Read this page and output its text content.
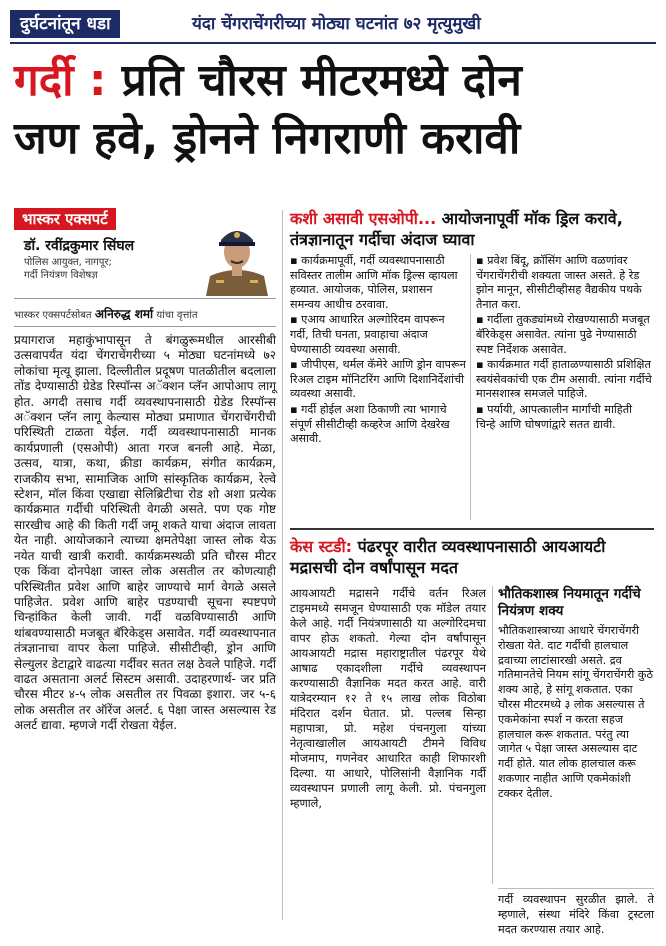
दुर्घटनांतून धडा	यंदा चेंगराचेंगरीच्या मोठ्या घटनांत ७२ मृत्युमुखी
गर्दी : प्रति चौरस मीटरमध्ये दोन
जण हवे, ड्रोनने निगराणी करावी
भास्कर एक्सपर्ट
डॉ. रवींद्रकुमार सिंघल
पोलिस आयुक्त, नागपूर;
गर्दी नियंत्रण विशेषज्ञ
भास्कर एक्सपर्टसोबत अनिरुद्ध शर्मा यांचा वृत्तांत

प्रयागराज महाकुंभापासून ते बंगळुरूमधील आरसीबी उत्सवापर्यंत यंदा चेंगराचेंगरीच्या ५ मोठ्या घटनांमध्ये ७२ लोकांचा मृत्यू झाला. दिल्लीतील प्रदूषण पातळीतील बदलाला तोंड देण्यासाठी ग्रेडेड रिस्पॉन्स अॅक्शन प्लॅन आपोआप लागू होत. अगदी तसाच गर्दी व्यवस्थापनासाठी ग्रेडेड रिस्पॉन्स अॅक्शन प्लॅन लागू केल्यास मोठ्या प्रमाणात चेंगराचेंगरीची परिस्थिती टाळता येईल. गर्दी व्यवस्थापनासाठी मानक कार्यप्रणाली (एसओपी) आता गरज बनली आहे. मेळा, उत्सव, यात्रा, कथा, क्रीडा कार्यक्रम, संगीत कार्यक्रम, राजकीय सभा, सामाजिक आणि सांस्कृतिक कार्यक्रम, रेल्वे स्टेशन, मॉल किंवा एखाद्या सेलिब्रिटीचा रोड शो अशा प्रत्येक कार्यक्रमात गर्दीची परिस्थिती वेगळी असते. पण एक गोष्ट सारखीच आहे की किती गर्दी जमू शकते याचा अंदाज लावता येत नाही. आयोजकाने त्याच्या क्षमतेपेक्षा जास्त लोक येऊ नयेत याची खात्री करावी. कार्यक्रमस्थळी प्रति चौरस मीटर एक किंवा दोनपेक्षा जास्त लोक असतील तर कोणत्याही परिस्थितीत प्रवेश आणि बाहेर जाण्याचे मार्ग वेगळे असले पाहिजेत. प्रवेश आणि बाहेर पडण्याची सूचना स्पष्टपणे चिन्हांकित केली जावी. गर्दी वळविण्यासाठी आणि थांबवण्यासाठी मजबूत बॅरिकेड्स असावेत. गर्दी व्यवस्थापनात तंत्रज्ञानाचा वापर केला पाहिजे. सीसीटीव्ही, ड्रोन आणि सेल्युलर डेटाद्वारे वाढत्या गर्दीवर सतत लक्ष ठेवले पाहिजे. गर्दी वाढत असताना अलर्ट सिस्टम असावी. उदाहरणार्थ- जर प्रति चौरस मीटर ४-५ लोक असतील तर पिवळा इशारा. जर ५-६ लोक असतील तर ऑरेंज अलर्ट. ६ पेक्षा जास्त असल्यास रेड अलर्ट द्यावा. म्हणजे गर्दी रोखता येईल.

कशी असावी एसओपी... आयोजनापूर्वी मॉक ड्रिल करावे, तंत्रज्ञानातून गर्दीचा अंदाज घ्यावा

▪ कार्यक्रमापूर्वी, गर्दी व्यवस्थापनासाठी सविस्तर तालीम आणि मॉक ड्रिल्स व्हायला हव्यात. आयोजक, पोलिस, प्रशासन समन्वय आधीच ठरवावा.

▪ एआय आधारित अल्गोरिदम वापरून गर्दी, तिची घनता, प्रवाहाचा अंदाज घेण्यासाठी व्यवस्था असावी.

▪ जीपीएस, थर्मल कॅमेरे आणि ड्रोन वापरून रिअल टाइम मॉनिटरिंग आणि दिशानिर्देशांची व्यवस्था असावी.

▪ गर्दी होईल अशा ठिकाणी त्या भागाचे संपूर्ण सीसीटीव्ही कव्हरेज आणि देखरेख असावी.

▪ प्रवेश बिंदू, क्रॉसिंग आणि वळणांवर चेंगराचेंगरीची शक्यता जास्त असते. हे रेड झोन मानून, सीसीटीव्हीसह वैद्यकीय पथके तैनात करा.

▪ गर्दीला तुकड्यांमध्ये रोखण्यासाठी मजबूत बॅरिकेड्स असावेत. त्यांना पुढे नेण्यासाठी स्पष्ट निर्देशक असावेत.

▪ कार्यक्रमात गर्दी हाताळण्यासाठी प्रशिक्षित स्वयंसेवकांची एक टीम असावी. त्यांना गर्दीचे मानसशास्त्र समजले पाहिजे.

▪ पर्यायी, आपत्कालीन मार्गांची माहिती चिन्हे आणि घोषणांद्वारे सतत द्यावी.

केस स्टडी: पंढरपूर वारीत व्यवस्थापनासाठी आयआयटी मद्रासची दोन वर्षांपासून मदत

आयआयटी मद्रासने गर्दीचे वर्तन रिअल टाइममध्ये समजून घेण्यासाठी एक मॉडेल तयार केले आहे. गर्दी नियंत्रणासाठी या अल्गोरिदमचा वापर होऊ शकतो. गेल्या दोन वर्षांपासून आयआयटी मद्रास महाराष्ट्रातील पंढरपूर येथे आषाढ एकादशीला गर्दीचे व्यवस्थापन करण्यासाठी वैज्ञानिक मदत करत आहे. वारी यात्रेदरम्यान १२ ते १५ लाख लोक विठोबा मंदिरात दर्शन घेतात. प्रो. पल्लब सिन्हा महापात्रा, प्रो. महेश पंचनगुला यांच्या नेतृत्वाखालील आयआयटी टीमने विविध मोजमाप, गणनेवर आधारित काही शिफारशी दिल्या. या आधारे, पोलिसांनी वैज्ञानिक गर्दी व्यवस्थापन प्रणाली लागू केली. प्रो. पंचनगुला म्हणाले,

भौतिकशास्त्र नियमातून गर्दीचे नियंत्रण शक्य
भौतिकशास्त्राच्या आधारे चेंगराचेंगरी रोखता येते. दाट गर्दीची हालचाल द्रवाच्या लाटांसारखी असते. द्रव गतिमानतेचे नियम सांगू चेंगराचेंगरी कुठे शक्य आहे, हे सांगू शकतात. एका चौरस मीटरमध्ये ३ लोक असल्यास ते एकमेकांना स्पर्श न करता सहज हालचाल करू शकतात. परंतु त्या जागेत ५ पेक्षा जास्त असल्यास दाट गर्दी होते. यात लोक हालचाल करू शकणार नाहीत आणि एकमेकांशी टक्कर देतील.
गर्दी व्यवस्थापन सुरळीत झाले. ते म्हणाले, संस्था मंदिरे किंवा ट्रस्टला मदत करण्यास तयार आहे.
